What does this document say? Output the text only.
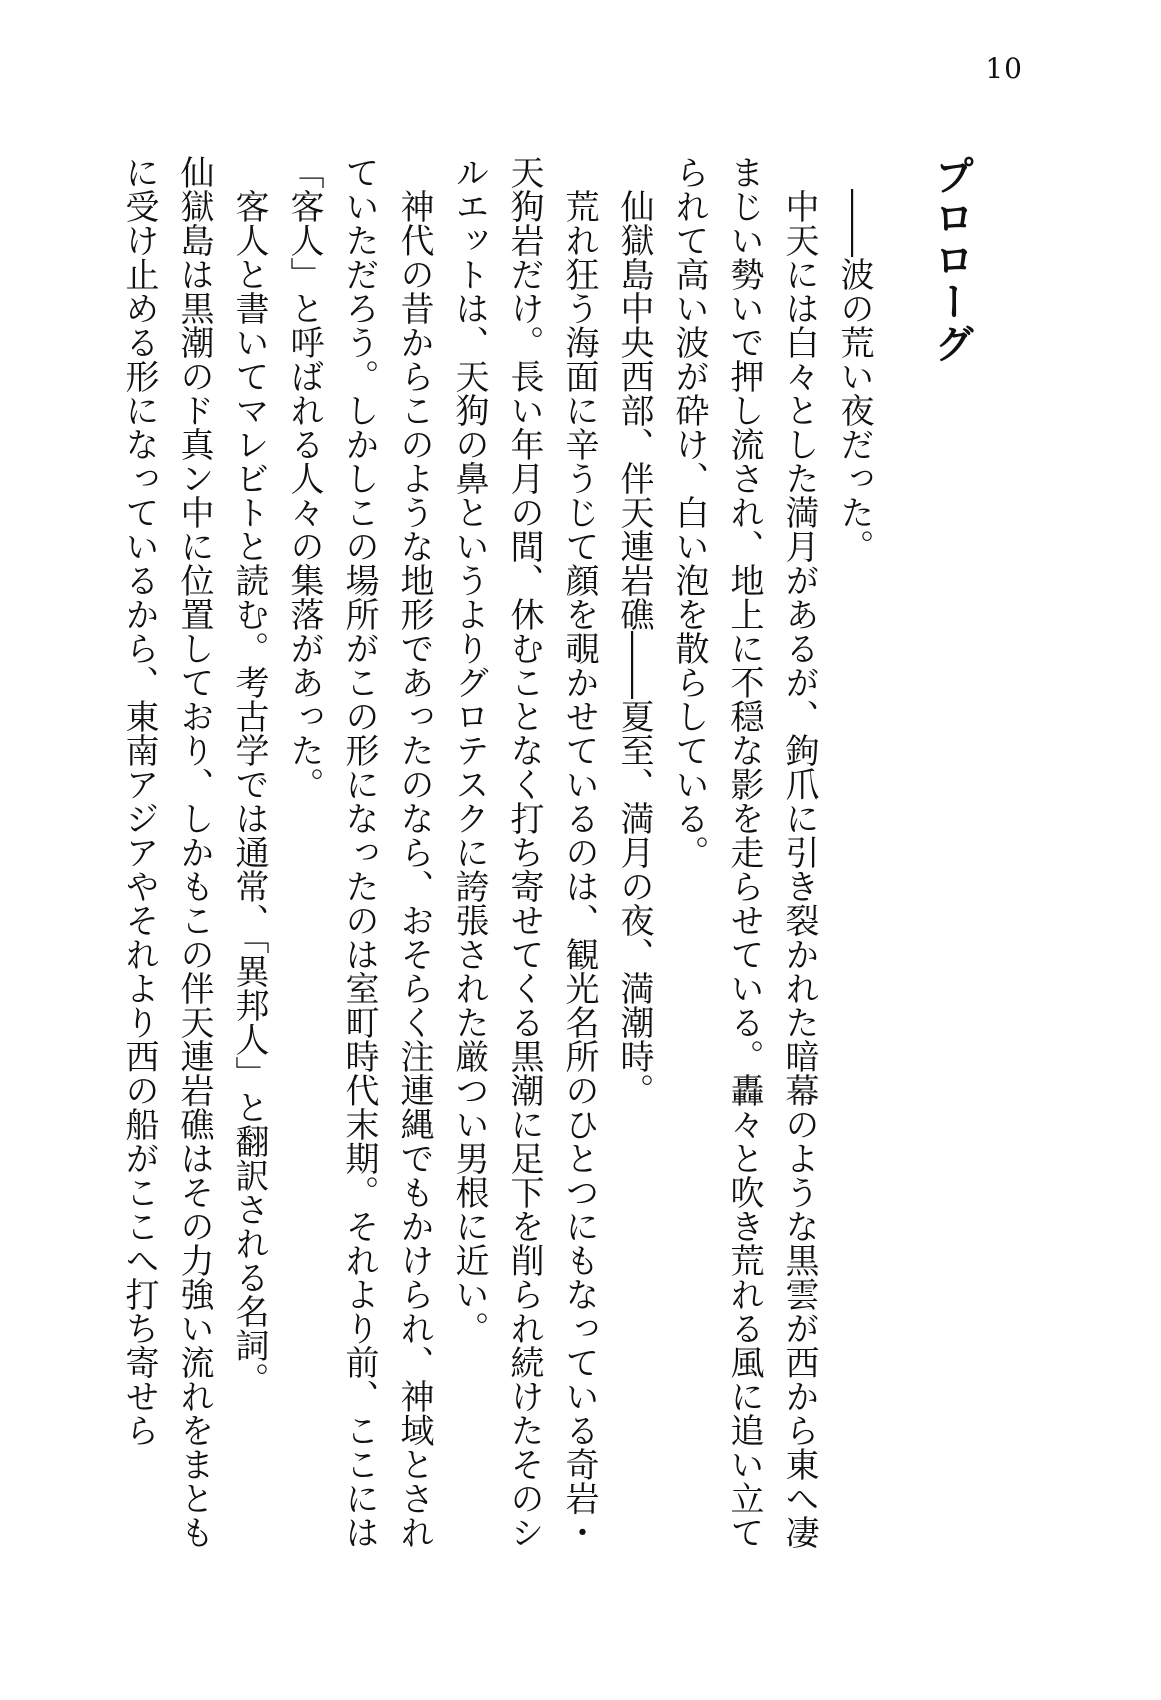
10
プロローグ

――波の荒い夜だった。

中天には白々とした満月があるが、鉤爪に引き裂かれた暗幕のような黒雲が西から東へ凄まじい勢いで押し流され、地上に不穏な影を走らせている。轟々と吹き荒れる風に追い立てられて高い波が砕け、白い泡を散らしている。

仙獄島中央西部、伴天連岩礁――夏至、満月の夜、満潮時。

荒れ狂う海面に辛うじて顔を覗かせているのは、観光名所のひとつにもなっている奇岩・天狗岩だけ。長い年月の間、休むことなく打ち寄せてくる黒潮に足下を削られ続けたそのシルエットは、天狗の鼻というよりグロテスクに誇張された厳つい男根に近い。

神代の昔からこのような地形であったのなら、おそらく注連縄でもかけられ、神域とされていただろう。しかしこの場所がこの形になったのは室町時代末期。それより前、ここには「客人」と呼ばれる人々の集落があった。

客人と書いてマレビトと読む。考古学では通常、「異邦人」と翻訳される名詞。

仙獄島は黒潮のド真ン中に位置しており、しかもこの伴天連岩礁はその力強い流れをまともに受け止める形になっているから、東南アジアやそれより西の船がここへ打ち寄せら
